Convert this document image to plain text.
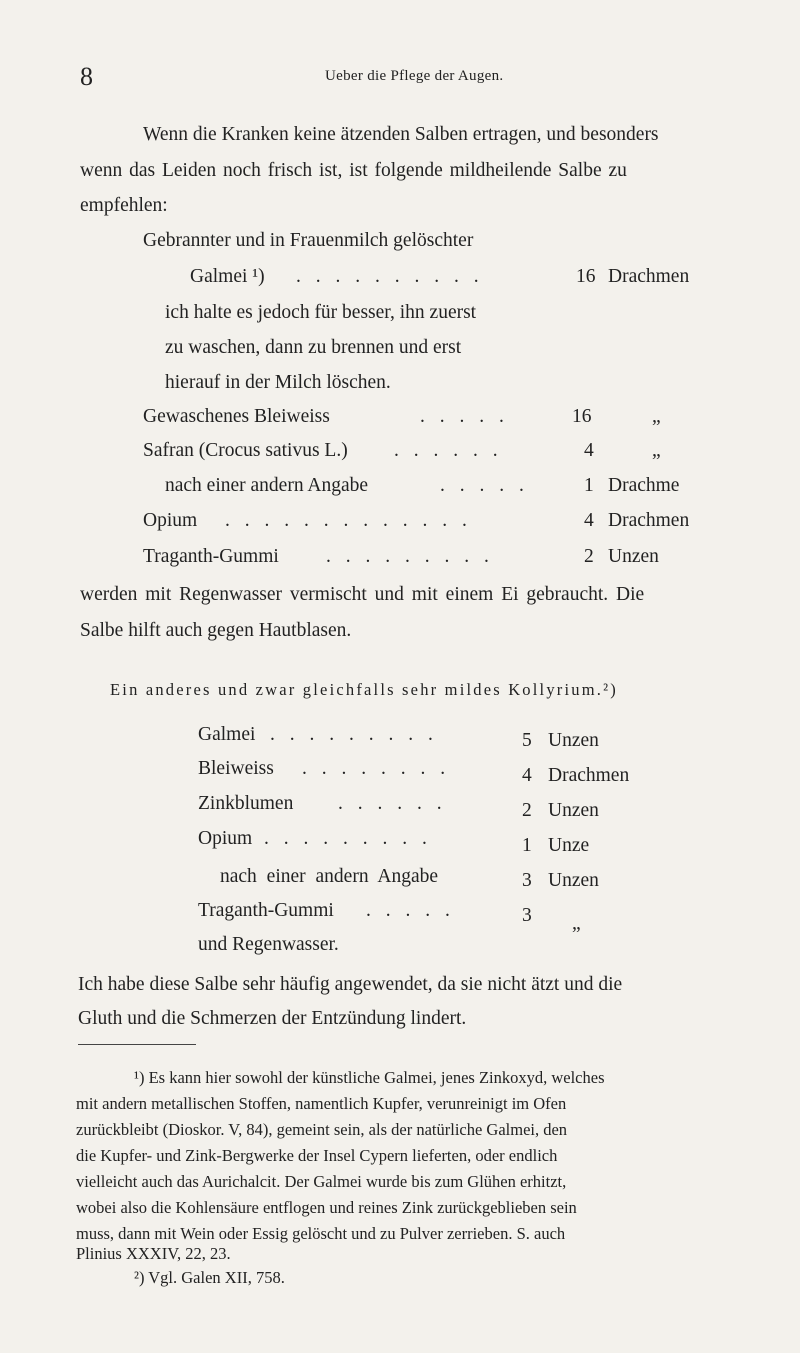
8	Ueber die Pflege der Augen.
Wenn die Kranken keine ätzenden Salben ertragen, und besonders
wenn das Leiden noch frisch ist, ist folgende mildheilende Salbe zu
empfehlen:
Gebrannter und in Frauenmilch gelöschter
Galmei ¹) . . . . . . . . . .	16 Drachmen
ich halte es jedoch für besser, ihn zuerst
zu waschen, dann zu brennen und erst
hierauf in der Milch löschen.
Gewaschenes Bleiweiss	. . . . .	16	„
Safran (Crocus sativus L.) . . . . . .	4	„
nach einer andern Angabe	. . . . .	1 Drachme
Opium . . . . . . . . . . . . .	4 Drachmen
Traganth-Gummi . . . . . . . . .	2 Unzen
werden mit Regenwasser vermischt und mit einem Ei gebraucht. Die
Salbe hilft auch gegen Hautblasen.
Ein anderes und zwar gleichfalls sehr mildes Kollyrium.²)
Galmei . . . . . . . . .	5 Unzen
Bleiweiss . . . . . . . .	4 Drachmen
Zinkblumen . . . . . .	2 Unzen
Opium . . . . . . . . .	1 Unze
nach einer andern Angabe	3 Unzen
Traganth-Gummi . . . . .	3 „
und Regenwasser.
Ich habe diese Salbe sehr häufig angewendet, da sie nicht ätzt und die
Gluth und die Schmerzen der Entzündung lindert.
¹) Es kann hier sowohl der künstliche Galmei, jenes Zinkoxyd, welches
mit andern metallischen Stoffen, namentlich Kupfer, verunreinigt im Ofen
zurückbleibt (Dioskor. V, 84), gemeint sein, als der natürliche Galmei, den
die Kupfer- und Zink-Bergwerke der Insel Cypern lieferten, oder endlich
vielleicht auch das Aurichalcit. Der Galmei wurde bis zum Glühen erhitzt,
wobei also die Kohlensäure entflogen und reines Zink zurückgeblieben sein
muss, dann mit Wein oder Essig gelöscht und zu Pulver zerrieben. S. auch
Plinius XXXIV, 22, 23.
²) Vgl. Galen XII, 758.
